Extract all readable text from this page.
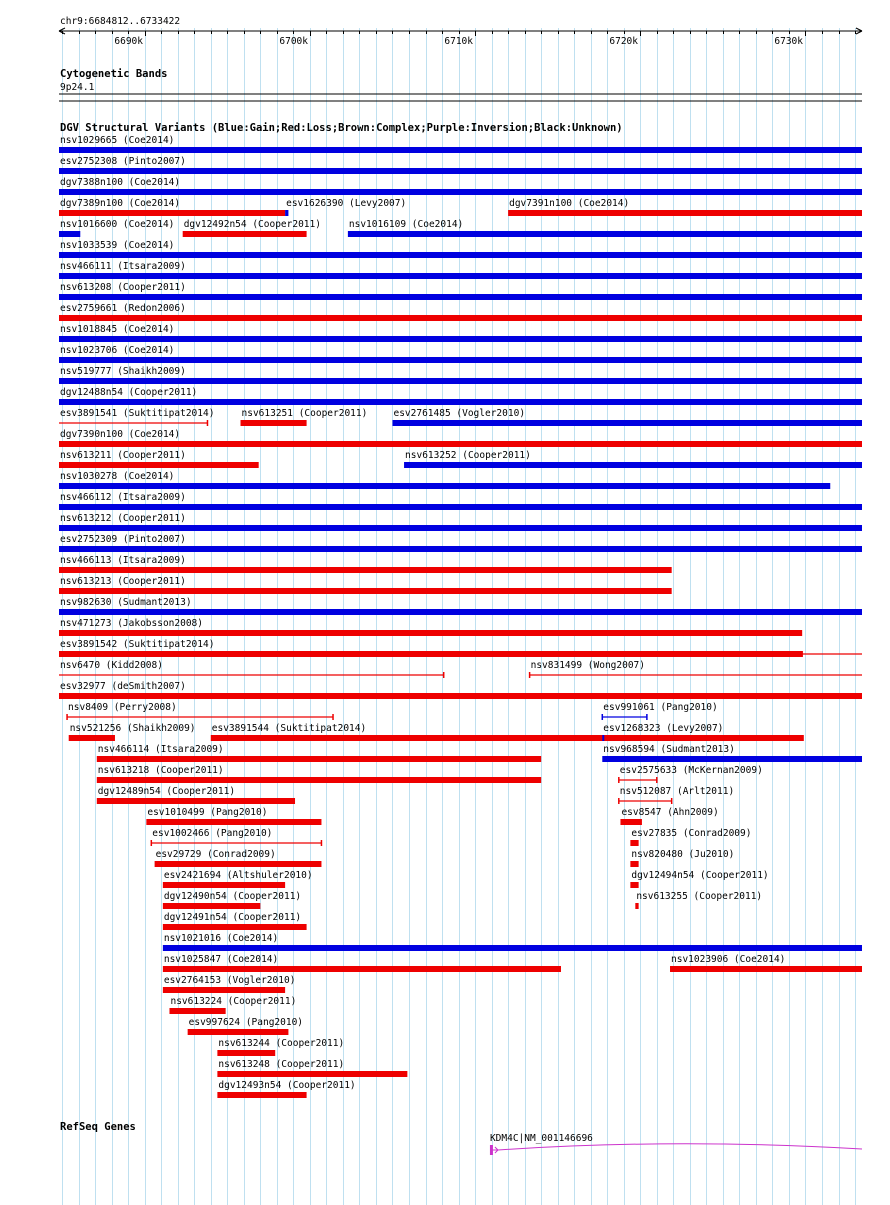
chr9:6684812..6733422
6690k	6700k	6710k	6720k	6730k
Cytogenetic Bands
9p24.1
DGV Structural Variants (Blue:Gain;Red:Loss;Brown:Complex;Purple:Inversion;Black:Unknown)
nsv1029665 (Coe2014)
esv2752308 (Pinto2007)
dgv7388n100 (Coe2014)
dgv7389n100 (Coe2014)	esv1626390 (Levy2007)	dgv7391n100 (Coe2014)
nsv1016600 (Coe2014) dgv12492n54 (Cooper2011)	nsv1016109 (Coe2014)
nsv1033539 (Coe2014)
nsv466111 (Itsara2009)
nsv613208 (Cooper2011)
esv2759661 (Redon2006)
nsv1018845 (Coe2014)
nsv1023706 (Coe2014)
nsv519777 (Shaikh2009)
dgv12488n54 (Cooper2011)
esv3891541 (Suktitipat2014)	nsv613251 (Cooper2011)	esv2761485 (Vogler2010)
dgv7390n100 (Coe2014)
nsv613211 (Cooper2011)	nsv613252 (Cooper2011)
nsv1030278 (Coe2014)
nsv466112 (Itsara2009)
nsv613212 (Cooper2011)
esv2752309 (Pinto2007)
nsv466113 (Itsara2009)
nsv613213 (Cooper2011)
nsv982630 (Sudmant2013)
nsv471273 (Jakobsson2008)
esv3891542 (Suktitipat2014)
nsv6470 (Kidd2008)	nsv831499 (Wong2007)
esv32977 (deSmith2007)
nsv8409 (Perry2008)	esv991061 (Pang2010)
nsv521256 (Shaikh2009) esv3891544 (Suktitipat2014)	esv1268323 (Levy2007)
nsv466114 (Itsara2009)	nsv968594 (Sudmant2013)
nsv613218 (Cooper2011)	esv2575633 (McKernan2009)
dgv12489n54 (Cooper2011)	nsv512087 (Arlt2011)
esv1010499 (Pang2010)	esv8547 (Ahn2009)
esv1002466 (Pang2010)	esv27835 (Conrad2009)
esv29729 (Conrad2009)	nsv820480 (Ju2010)
esv2421694 (Altshuler2010)	dgv12494n54 (Cooper2011)
dgv12490n54 (Cooper2011)	nsv613255 (Cooper2011)
dgv12491n54 (Cooper2011)
nsv1021016 (Coe2014)
nsv1025847 (Coe2014)	nsv1023906 (Coe2014)
esv2764153 (Vogler2010)
nsv613224 (Cooper2011)
esv997624 (Pang2010)
nsv613244 (Cooper2011)
nsv613248 (Cooper2011)
dgv12493n54 (Cooper2011)
RefSeq Genes
KDM4C|NM_001146696
